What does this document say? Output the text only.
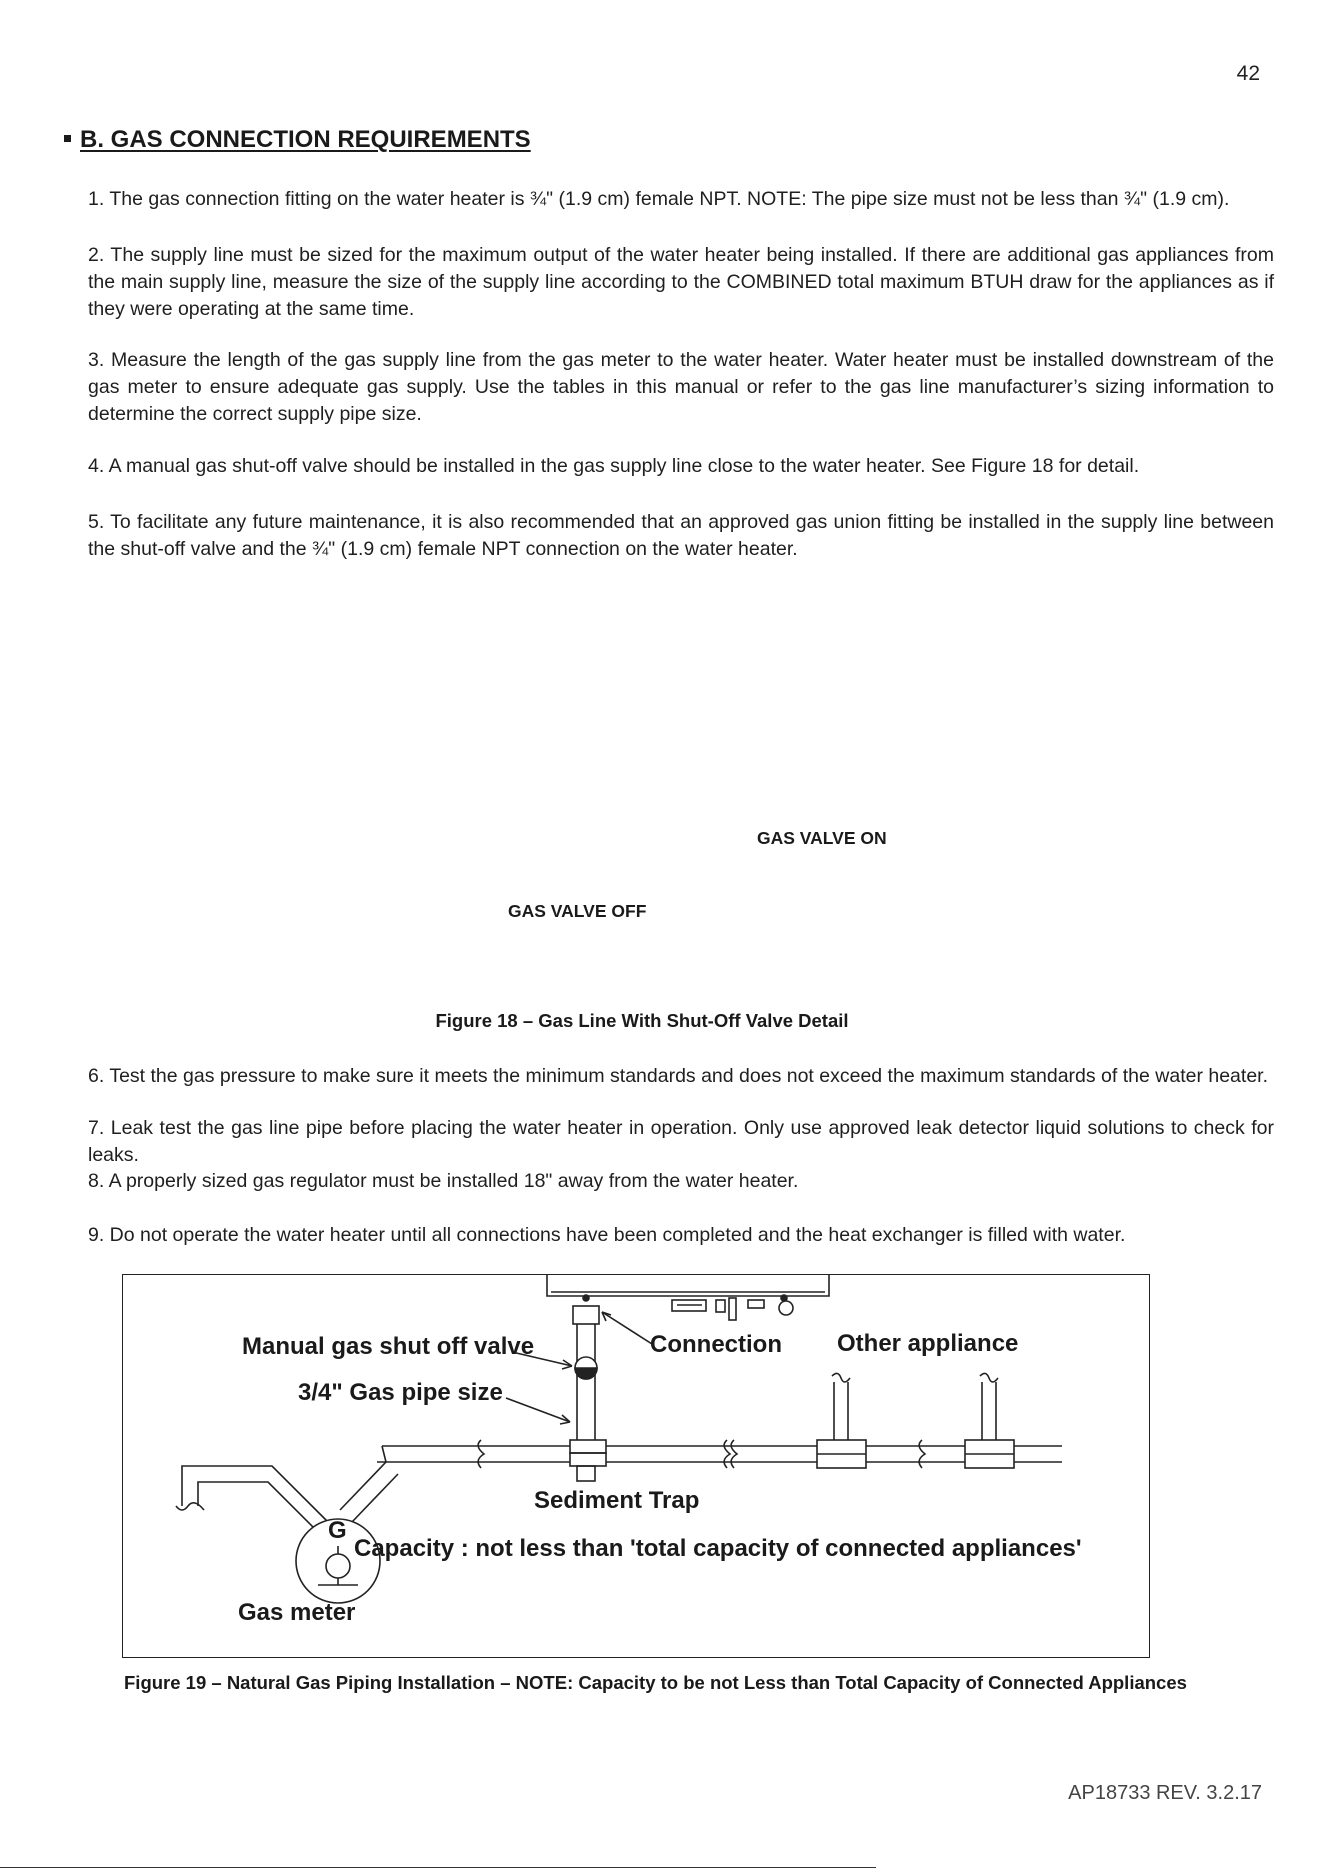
42
B. GAS CONNECTION REQUIREMENTS

1. The gas connection fitting on the water heater is ¾" (1.9 cm) female NPT. NOTE: The pipe size must not be less than ¾" (1.9 cm).

2. The supply line must be sized for the maximum output of the water heater being installed. If there are additional gas appliances from the main supply line, measure the size of the supply line according to the COMBINED total maximum BTUH draw for the appliances as if they were operating at the same time.

3. Measure the length of the gas supply line from the gas meter to the water heater. Water heater must be installed downstream of the gas meter to ensure adequate gas supply. Use the tables in this manual or refer to the gas line manufacturer’s sizing information to determine the correct supply pipe size.

4. A manual gas shut-off valve should be installed in the gas supply line close to the water heater. See Figure 18 for detail.

5. To facilitate any future maintenance, it is also recommended that an approved gas union fitting be installed in the supply line between the shut-off valve and the ¾" (1.9 cm) female NPT connection on the water heater.

GAS VALVE ON
GAS VALVE OFF
Figure 18 – Gas Line With Shut-Off Valve Detail

6. Test the gas pressure to make sure it meets the minimum standards and does not exceed the maximum standards of the water heater.

7. Leak test the gas line pipe before placing the water heater in operation. Only use approved leak detector liquid solutions to check for leaks.

8. A properly sized gas regulator must be installed 18" away from the water heater.

9. Do not operate the water heater until all connections have been completed and the heat exchanger is filled with water.

Manual gas shut off valve
3/4" Gas pipe size
Connection Other appliance
Sediment Trap
Capacity : not less than 'total capacity of connected appliances'
Gas meter
G
Figure 19 – Natural Gas Piping Installation – NOTE: Capacity to be not Less than Total Capacity of Connected Appliances
AP18733 REV. 3.2.17
